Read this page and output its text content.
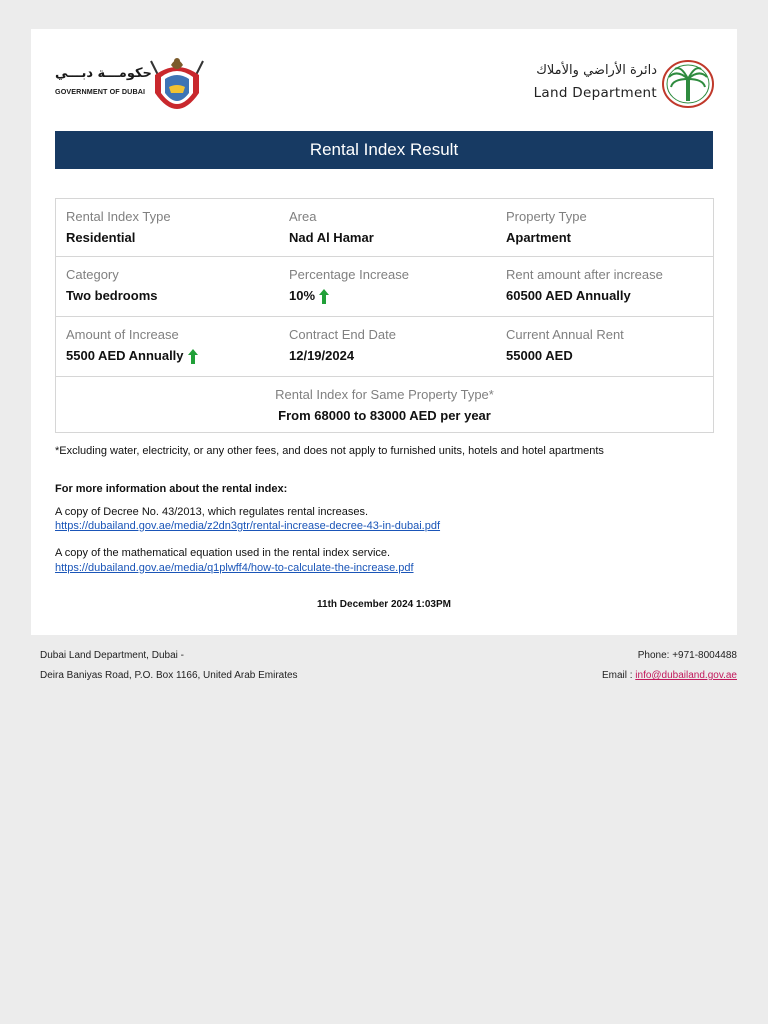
حكومـــة دبـــي
GOVERNMENT OF DUBAI
دائرة الأراضي والأملاك
Land Department
Rental Index Result
Rental Index Type
Residential
Area
Nad Al Hamar
Property Type
Apartment
Category
Two bedrooms
Percentage Increase
10%
Rent amount after increase
60500 AED Annually
Amount of Increase
5500 AED Annually
Contract End Date
12/19/2024
Current Annual Rent
55000 AED
Rental Index for Same Property Type*
From 68000 to 83000 AED per year
*Excluding water, electricity, or any other fees, and does not apply to furnished units, hotels and hotel apartments
For more information about the rental index:
A copy of Decree No. 43/2013, which regulates rental increases.
https://dubailand.gov.ae/media/z2dn3gtr/rental-increase-decree-43-in-dubai.pdf
A copy of the mathematical equation used in the rental index service.
https://dubailand.gov.ae/media/q1plwff4/how-to-calculate-the-increase.pdf
11th December 2024 1:03PM
Dubai Land Department, Dubai -
Deira Baniyas Road, P.O. Box 1166, United Arab Emirates
Phone: +971-8004488
Email : info@dubailand.gov.ae
